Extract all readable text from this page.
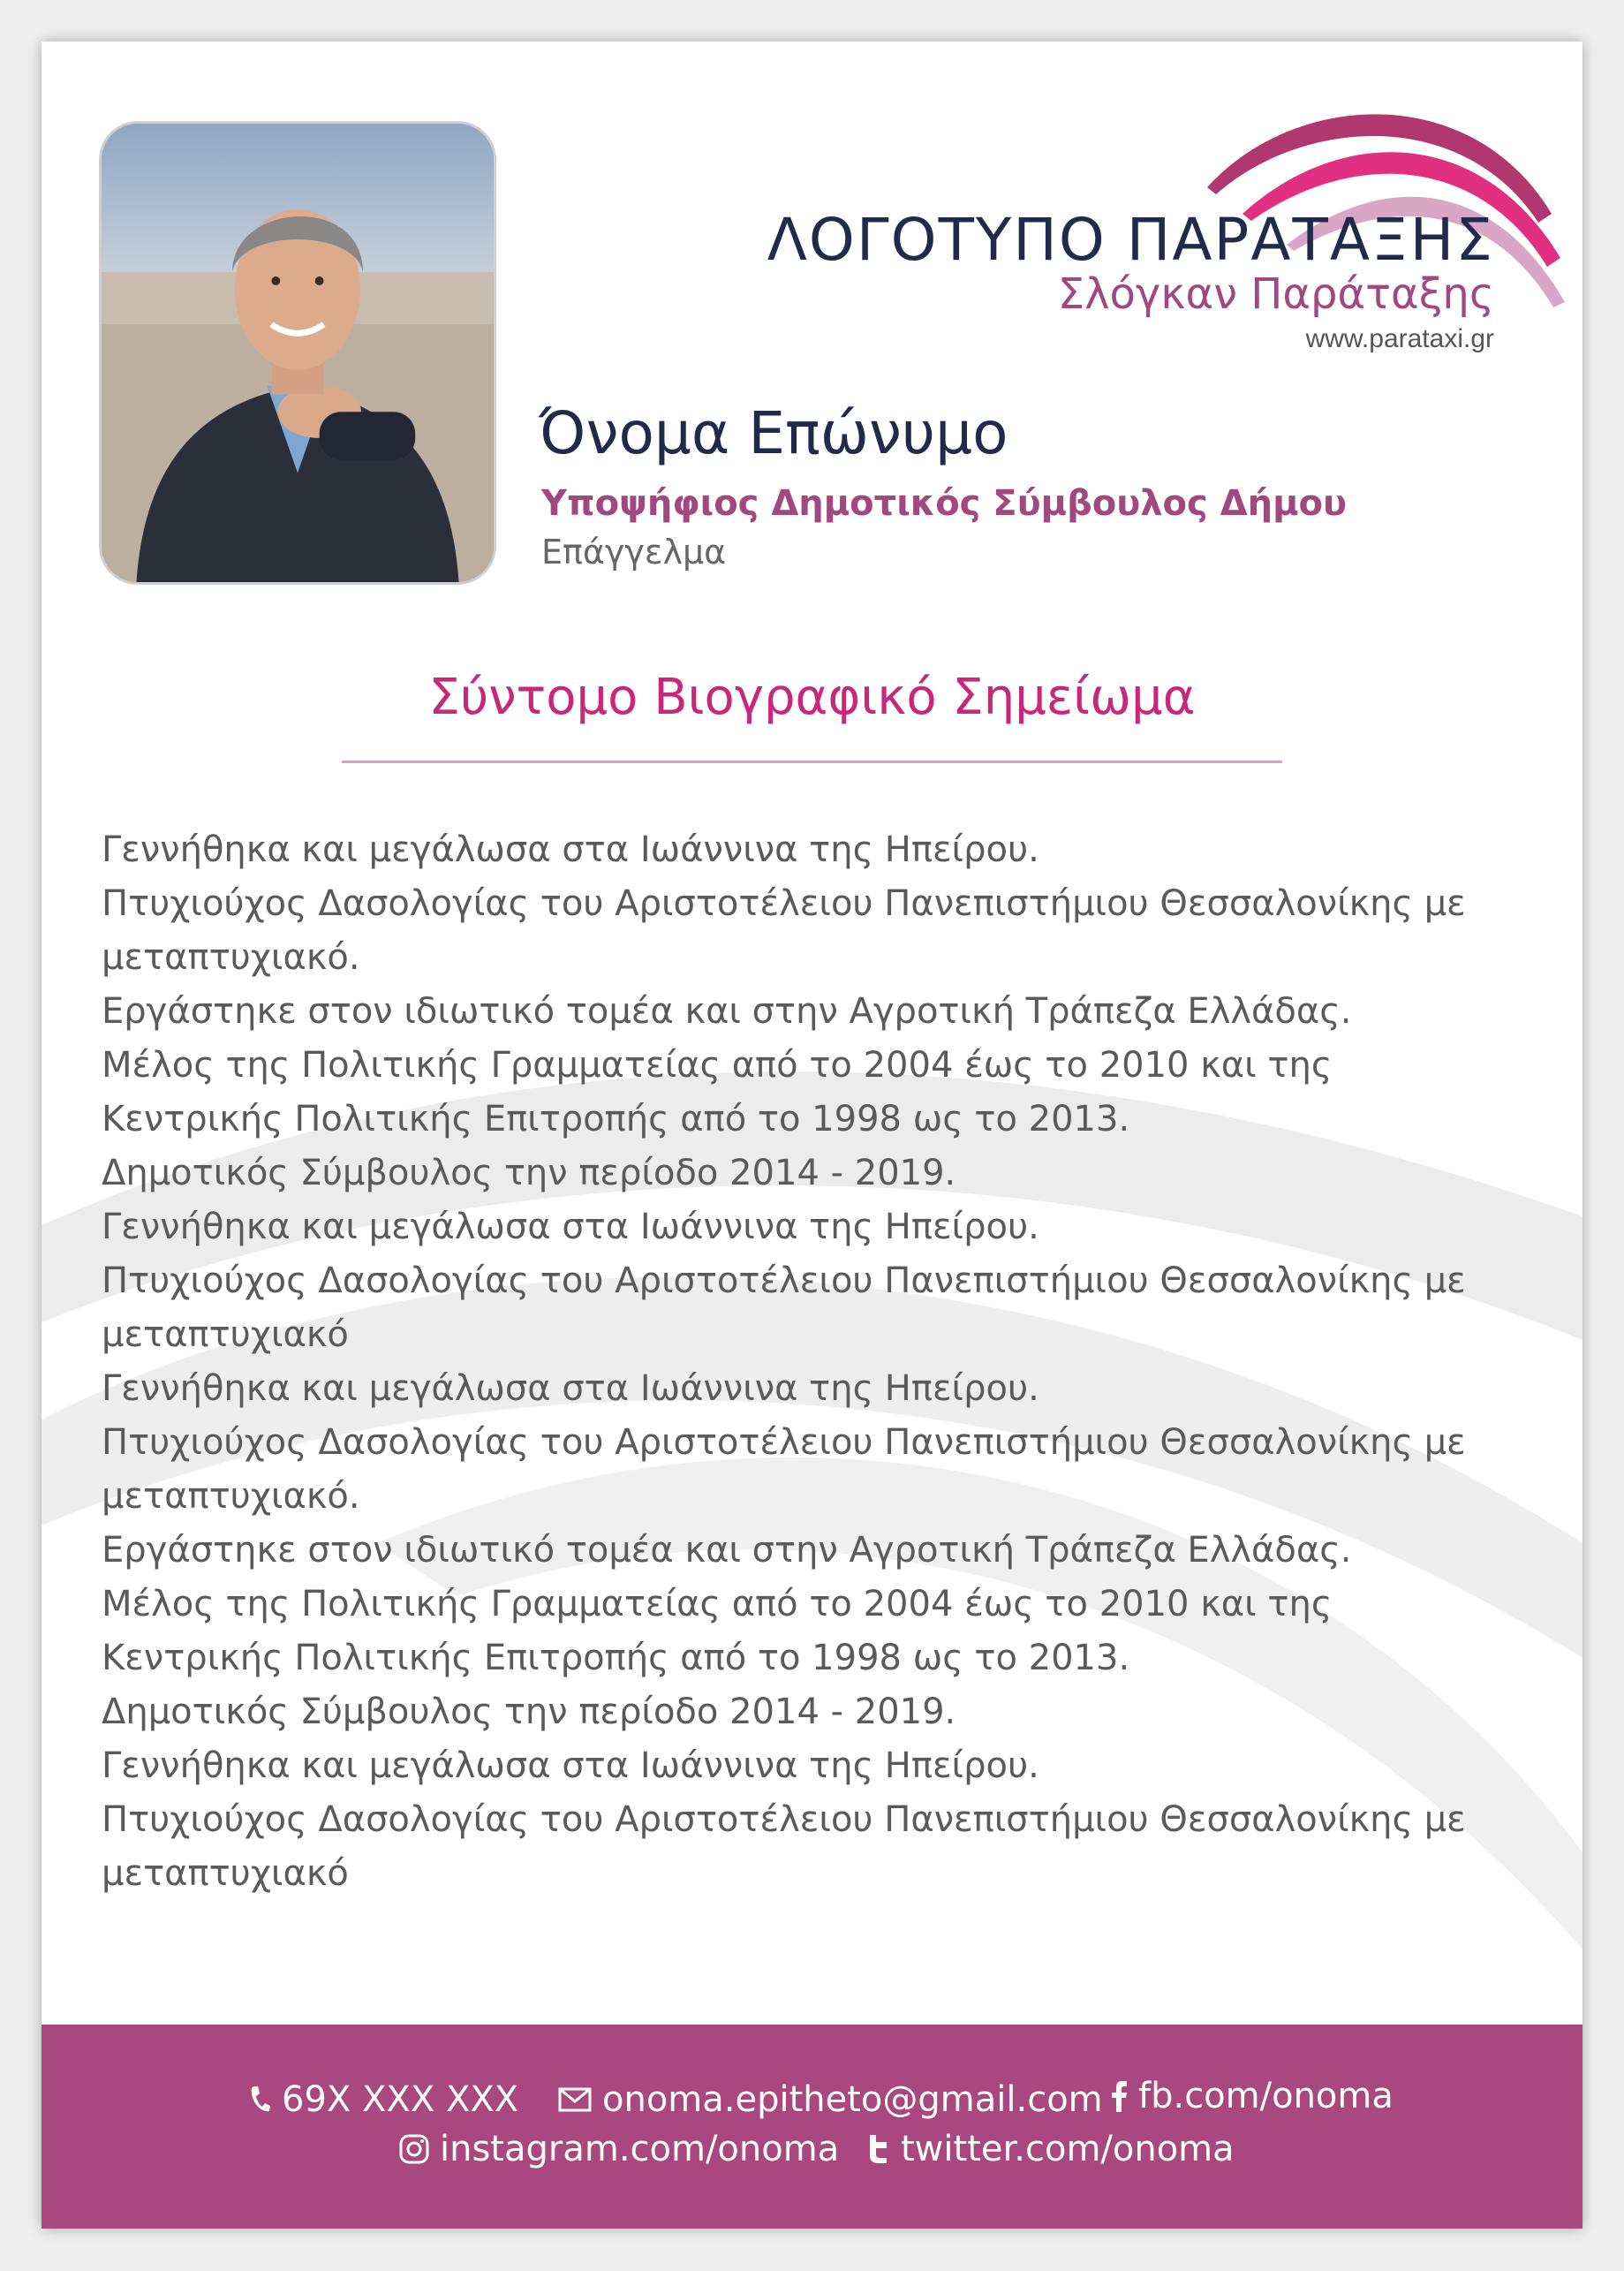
ΛΟΓΟΤΥΠΟ ΠΑΡΑΤΑΞΗΣ
Σλόγκαν Παράταξης
www.parataxi.gr
Όνομα Επώνυμο
Υποψήφιος Δημοτικός Σύμβουλος Δήμου
Επάγγελμα
Σύντομο Βιογραφικό Σημείωμα
Γεννήθηκα και μεγάλωσα στα Ιωάννινα της Ηπείρου.
Πτυχιούχος Δασολογίας του Αριστοτέλειου Πανεπιστήμιου Θεσσαλονίκης με
μεταπτυχιακό.
Εργάστηκε στον ιδιωτικό τομέα και στην Αγροτική Τράπεζα Ελλάδας.
Μέλος της Πολιτικής Γραμματείας από το 2004 έως το 2010 και της
Κεντρικής Πολιτικής Επιτροπής από το 1998 ως το 2013.
Δημοτικός Σύμβουλος την περίοδο 2014 - 2019.
Γεννήθηκα και μεγάλωσα στα Ιωάννινα της Ηπείρου.
Πτυχιούχος Δασολογίας του Αριστοτέλειου Πανεπιστήμιου Θεσσαλονίκης με
μεταπτυχιακό
Γεννήθηκα και μεγάλωσα στα Ιωάννινα της Ηπείρου.
Πτυχιούχος Δασολογίας του Αριστοτέλειου Πανεπιστήμιου Θεσσαλονίκης με
μεταπτυχιακό.
Εργάστηκε στον ιδιωτικό τομέα και στην Αγροτική Τράπεζα Ελλάδας.
Μέλος της Πολιτικής Γραμματείας από το 2004 έως το 2010 και της
Κεντρικής Πολιτικής Επιτροπής από το 1998 ως το 2013.
Δημοτικός Σύμβουλος την περίοδο 2014 - 2019.
Γεννήθηκα και μεγάλωσα στα Ιωάννινα της Ηπείρου.
Πτυχιούχος Δασολογίας του Αριστοτέλειου Πανεπιστήμιου Θεσσαλονίκης με
μεταπτυχιακό
69X XXX XXX onoma.epitheto@gmail.com fb.com/onoma
instagram.com/onoma twitter.com/onoma
